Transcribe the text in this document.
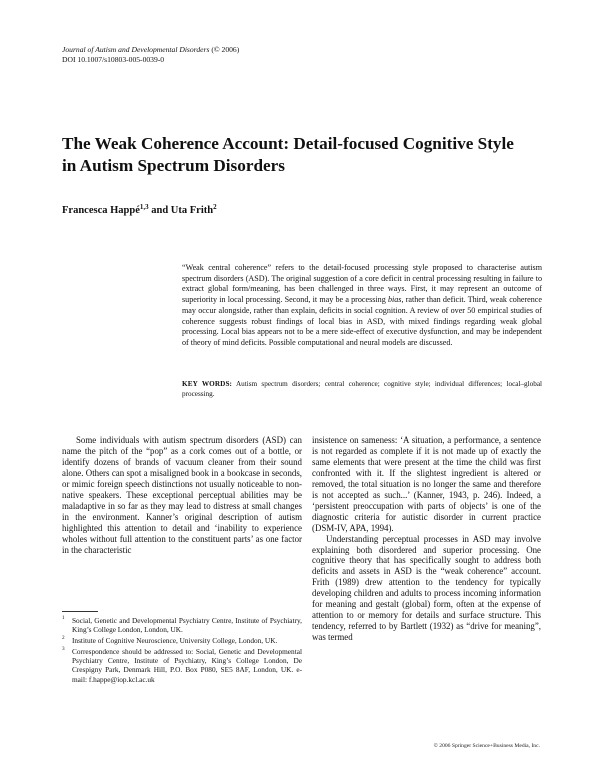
Journal of Autism and Developmental Disorders (© 2006)
DOI 10.1007/s10803-005-0039-0
The Weak Coherence Account: Detail-focused Cognitive Style
in Autism Spectrum Disorders
Francesca Happé$^{1,3}$ and Uta Frith$^2$
“Weak central coherence” refers to the detail-focused processing style proposed to characterise autism spectrum disorders (ASD). The original suggestion of a core deficit in central processing resulting in failure to extract global form/meaning, has been challenged in three ways. First, it may represent an outcome of superiority in local processing. Second, it may be a processing bias, rather than deficit. Third, weak coherence may occur alongside, rather than explain, deficits in social cognition. A review of over 50 empirical studies of coherence suggests robust findings of local bias in ASD, with mixed findings regarding weak global processing. Local bias appears not to be a mere side-effect of executive dysfunction, and may be independent of theory of mind deficits. Possible computational and neural models are discussed.
KEY WORDS: Autism spectrum disorders; central coherence; cognitive style; individual differences; local–global processing.

Some individuals with autism spectrum disorders (ASD) can name the pitch of the “pop” as a cork comes out of a bottle, or identify dozens of brands of vacuum cleaner from their sound alone. Others can spot a misaligned book in a bookcase in seconds, or mimic foreign speech distinctions not usually noticeable to non-native speakers. These exceptional perceptual abilities may be maladaptive in so far as they may lead to distress at small changes in the environment. Kanner’s original description of autism highlighted this attention to detail and ‘inability to experience wholes without full attention to the constituent parts’ as one factor in the characteristic

insistence on sameness: ‘A situation, a performance, a sentence is not regarded as complete if it is not made up of exactly the same elements that were present at the time the child was first confronted with it. If the slightest ingredient is altered or removed, the total situation is no longer the same and therefore is not accepted as such...’ (Kanner, 1943, p. 246). Indeed, a ‘persistent preoccupation with parts of objects’ is one of the diagnostic criteria for autistic disorder in current practice (DSM-IV, APA, 1994).

Understanding perceptual processes in ASD may involve explaining both disordered and superior processing. One cognitive theory that has specifically sought to address both deficits and assets in ASD is the “weak coherence” account. Frith (1989) drew attention to the tendency for typically developing children and adults to process incoming information for meaning and gestalt (global) form, often at the expense of attention to or memory for details and surface structure. This tendency, referred to by Bartlett (1932) as “drive for meaning”, was termed

1 Social, Genetic and Developmental Psychiatry Centre, Institute of Psychiatry, King’s College London, London, UK.
2 Institute of Cognitive Neuroscience, University College, London, UK.
3 Correspondence should be addressed to: Social, Genetic and Developmental Psychiatry Centre, Institute of Psychiatry, King’s College London, De Crespigny Park, Denmark Hill, P.O. Box P080, SE5 8AF, London, UK. e-mail: f.happe@iop.kcl.ac.uk
© 2006 Springer Science+Business Media, Inc.
